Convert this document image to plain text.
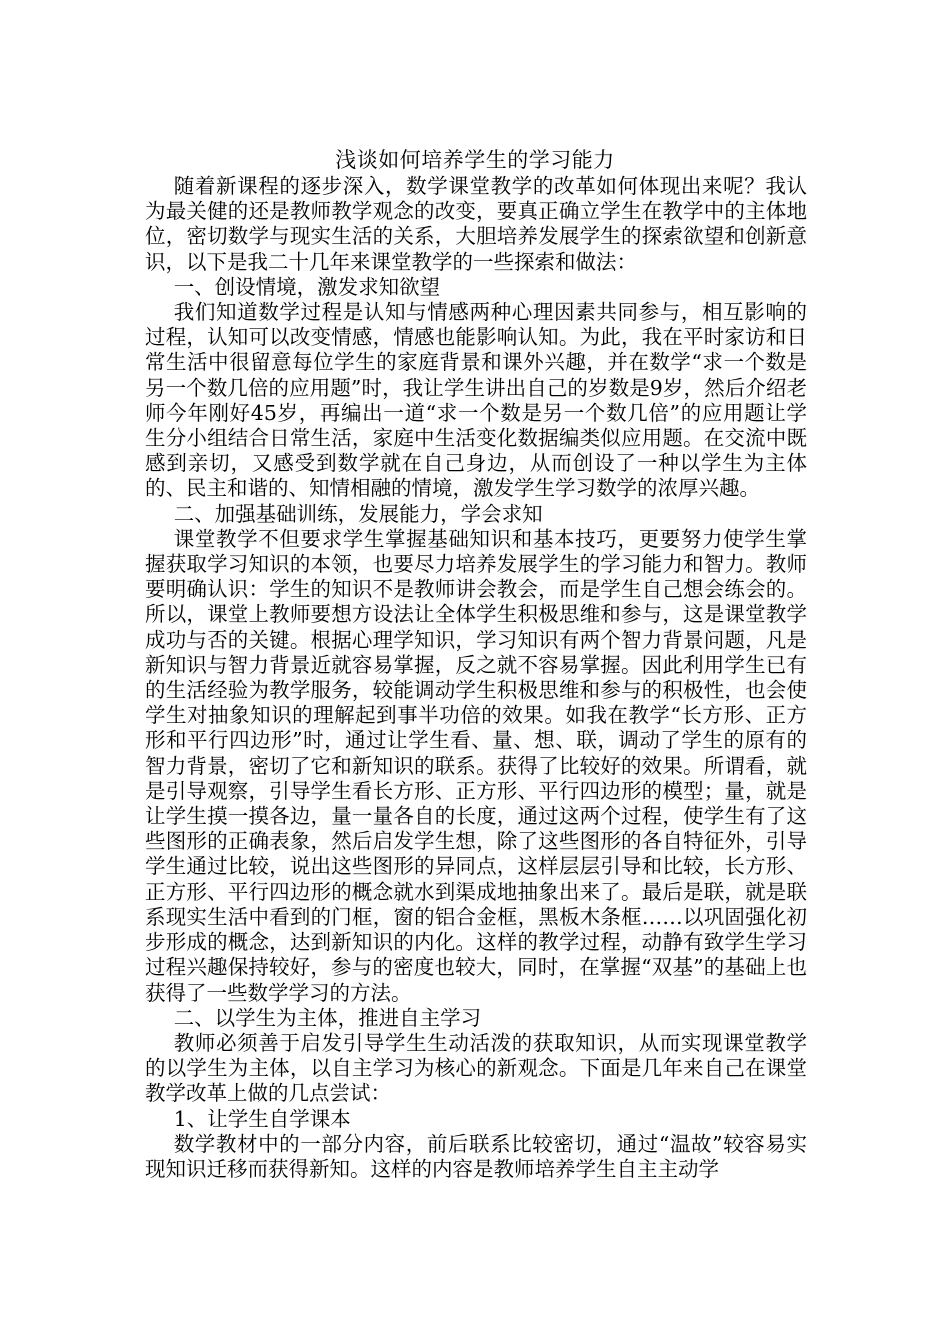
浅谈如何培养学生的学习能力

随着新课程的逐步深入，数学课堂教学的改革如何体现出来呢？我认为最关健的还是教师教学观念的改变，要真正确立学生在教学中的主体地位，密切数学与现实生活的关系，大胆培养发展学生的探索欲望和创新意识，以下是我二十几年来课堂教学的一些探索和做法：

一、创设情境，激发求知欲望

我们知道数学过程是认知与情感两种心理因素共同参与，相互影响的过程，认知可以改变情感，情感也能影响认知。为此，我在平时家访和日常生活中很留意每位学生的家庭背景和课外兴趣，并在数学“求一个数是另一个数几倍的应用题”时，我让学生讲出自己的岁数是9岁，然后介绍老师今年刚好45岁，再编出一道“求一个数是另一个数几倍”的应用题让学生分小组结合日常生活，家庭中生活变化数据编类似应用题。在交流中既感到亲切，又感受到数学就在自己身边，从而创设了一种以学生为主体的、民主和谐的、知情相融的情境，激发学生学习数学的浓厚兴趣。

二、加强基础训练，发展能力，学会求知

课堂教学不但要求学生掌握基础知识和基本技巧，更要努力使学生掌握获取学习知识的本领，也要尽力培养发展学生的学习能力和智力。教师要明确认识：学生的知识不是教师讲会教会，而是学生自己想会练会的。所以，课堂上教师要想方设法让全体学生积极思维和参与，这是课堂教学成功与否的关键。根据心理学知识，学习知识有两个智力背景问题，凡是新知识与智力背景近就容易掌握，反之就不容易掌握。因此利用学生已有的生活经验为教学服务，较能调动学生积极思维和参与的积极性，也会使学生对抽象知识的理解起到事半功倍的效果。如我在教学“长方形、正方形和平行四边形”时，通过让学生看、量、想、联，调动了学生的原有的智力背景，密切了它和新知识的联系。获得了比较好的效果。所谓看，就是引导观察，引导学生看长方形、正方形、平行四边形的模型；量，就是让学生摸一摸各边，量一量各自的长度，通过这两个过程，使学生有了这些图形的正确表象，然后启发学生想，除了这些图形的各自特征外，引导学生通过比较，说出这些图形的异同点，这样层层引导和比较，长方形、正方形、平行四边形的概念就水到渠成地抽象出来了。最后是联，就是联系现实生活中看到的门框，窗的铝合金框，黑板木条框……以巩固强化初步形成的概念，达到新知识的内化。这样的教学过程，动静有致学生学习过程兴趣保持较好，参与的密度也较大，同时，在掌握“双基”的基础上也获得了一些数学学习的方法。

二、以学生为主体，推进自主学习

教师必须善于启发引导学生生动活泼的获取知识，从而实现课堂教学的以学生为主体，以自主学习为核心的新观念。下面是几年来自己在课堂教学改革上做的几点尝试：

1、让学生自学课本

数学教材中的一部分内容，前后联系比较密切，通过“温故”较容易实现知识迁移而获得新知。这样的内容是教师培养学生自主主动学
